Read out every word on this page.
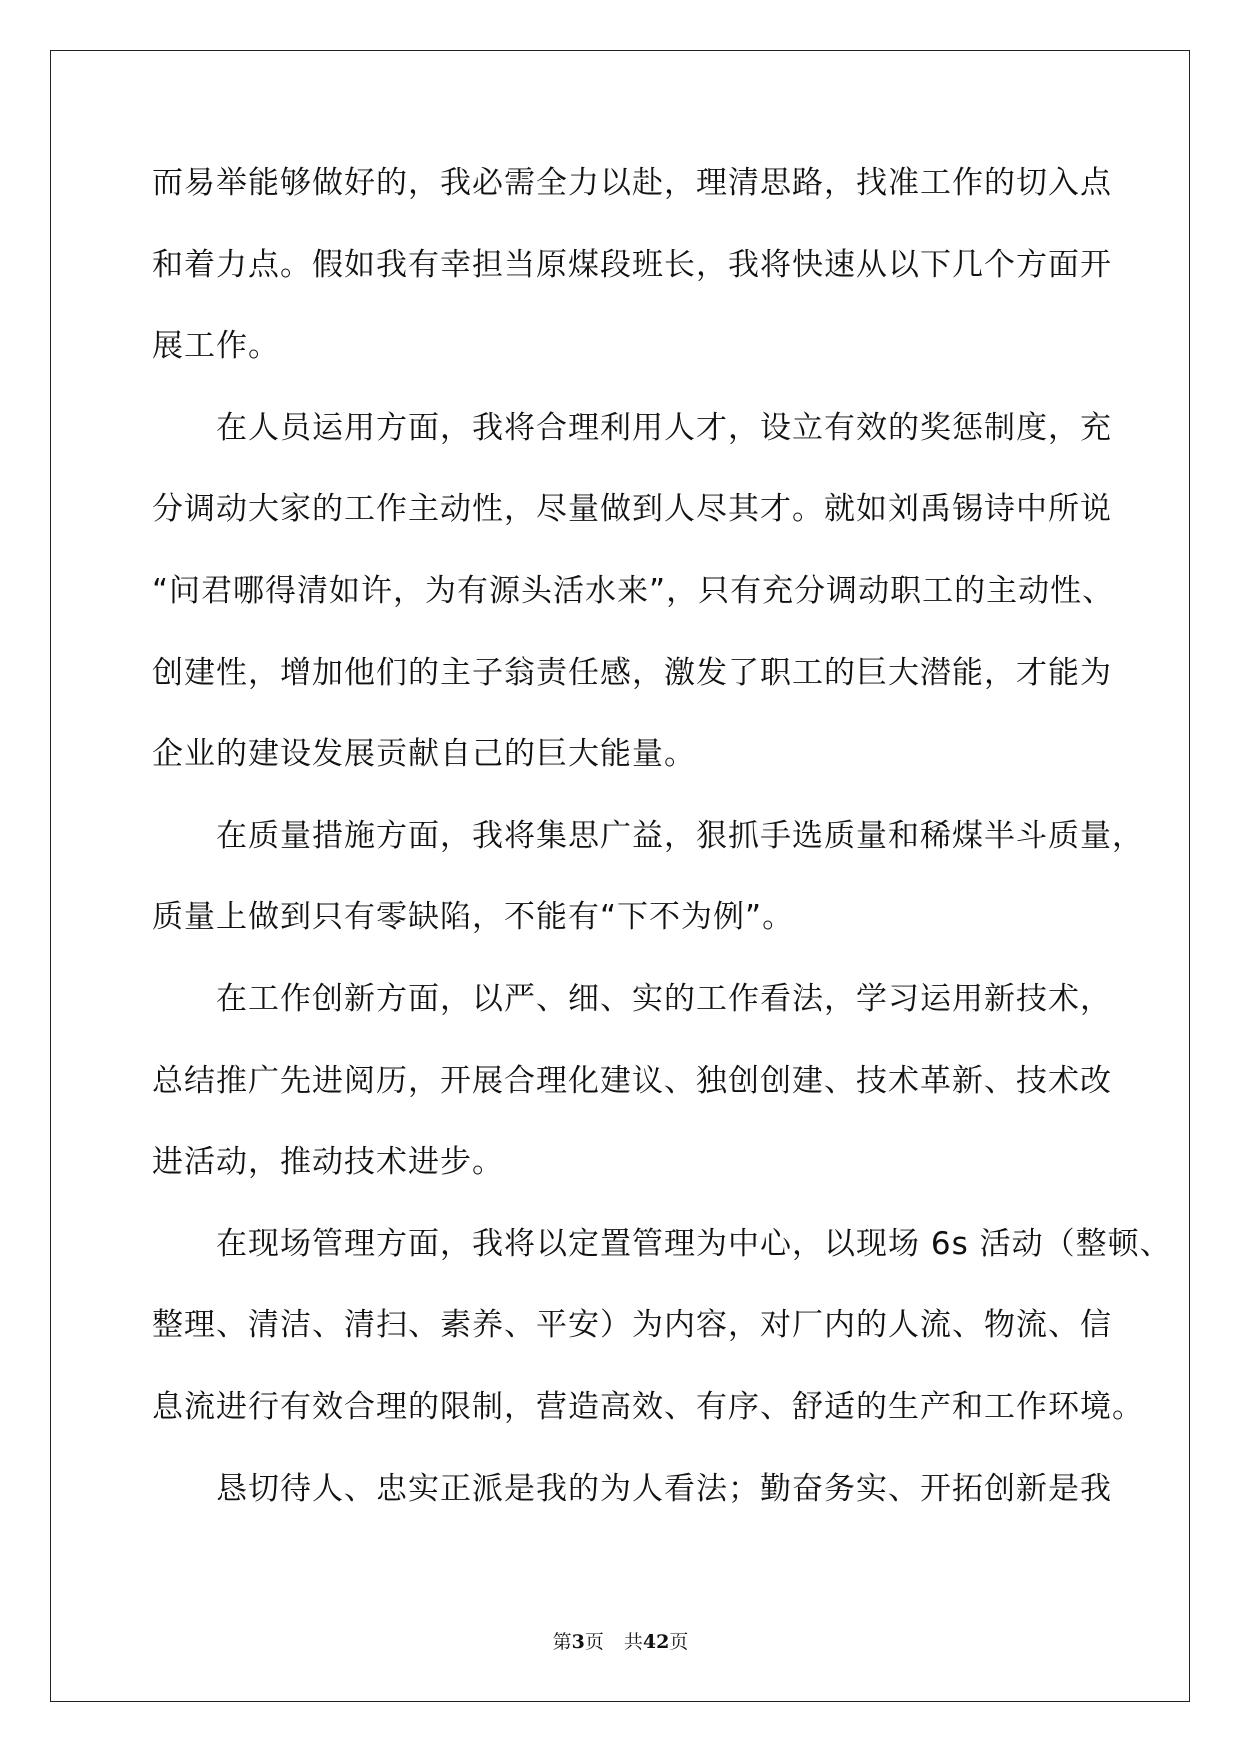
而易举能够做好的，我必需全力以赴，理清思路，找准工作的切入点
和着力点。假如我有幸担当原煤段班长，我将快速从以下几个方面开
展工作。
在人员运用方面，我将合理利用人才，设立有效的奖惩制度，充
分调动大家的工作主动性，尽量做到人尽其才。就如刘禹锡诗中所说
“问君哪得清如许，为有源头活水来”，只有充分调动职工的主动性、
创建性，增加他们的主子翁责任感，激发了职工的巨大潜能，才能为
企业的建设发展贡献自己的巨大能量。
在质量措施方面，我将集思广益，狠抓手选质量和稀煤半斗质量，
质量上做到只有零缺陷，不能有“下不为例”。
在工作创新方面，以严、细、实的工作看法，学习运用新技术，
总结推广先进阅历，开展合理化建议、独创创建、技术革新、技术改
进活动，推动技术进步。
在现场管理方面，我将以定置管理为中心，以现场 6s 活动（整顿、
整理、清洁、清扫、素养、平安）为内容，对厂内的人流、物流、信
息流进行有效合理的限制，营造高效、有序、舒适的生产和工作环境。
恳切待人、忠实正派是我的为人看法；勤奋务实、开拓创新是我
第3页 共42页
